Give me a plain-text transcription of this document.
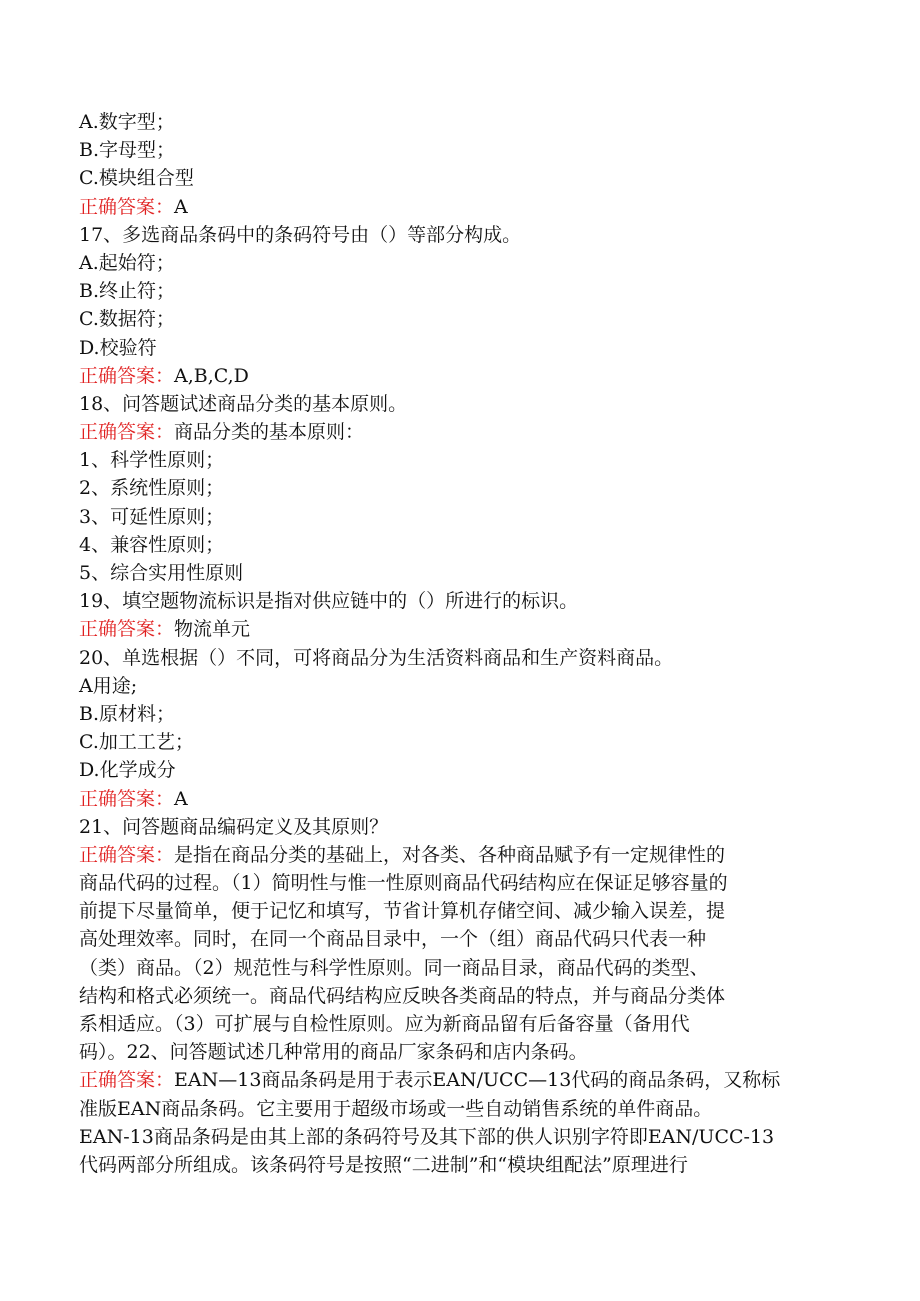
A.数字型；
B.字母型；
C.模块组合型
正确答案：A
17、多选商品条码中的条码符号由（）等部分构成。
A.起始符；
B.终止符；
C.数据符；
D.校验符
正确答案：A,B,C,D
18、问答题试述商品分类的基本原则。
正确答案：商品分类的基本原则：
1、科学性原则；
2、系统性原则；
3、可延性原则；
4、兼容性原则；
5、综合实用性原则
19、填空题物流标识是指对供应链中的（）所进行的标识。
正确答案：物流单元
20、单选根据（）不同，可将商品分为生活资料商品和生产资料商品。
A用途;
B.原材料；
C.加工工艺；
D.化学成分
正确答案：A
21、问答题商品编码定义及其原则？
正确答案：是指在商品分类的基础上，对各类、各种商品赋予有一定规律性的
商品代码的过程。（1）简明性与惟一性原则商品代码结构应在保证足够容量的
前提下尽量简单，便于记忆和填写，节省计算机存储空间、减少输入误差，提
高处理效率。同时，在同一个商品目录中，一个（组）商品代码只代表一种
（类）商品。（2）规范性与科学性原则。同一商品目录，商品代码的类型、
结构和格式必须统一。商品代码结构应反映各类商品的特点，并与商品分类体
系相适应。（3）可扩展与自检性原则。应为新商品留有后备容量（备用代
码）。22、问答题试述几种常用的商品厂家条码和店内条码。
正确答案：EAN—13商品条码是用于表示EAN/UCC—13代码的商品条码，又称标
准版EAN商品条码。它主要用于超级市场或一些自动销售系统的单件商品。
EAN-13商品条码是由其上部的条码符号及其下部的供人识别字符即EAN/UCC-13
代码两部分所组成。该条码符号是按照“二进制”和“模块组配法”原理进行
